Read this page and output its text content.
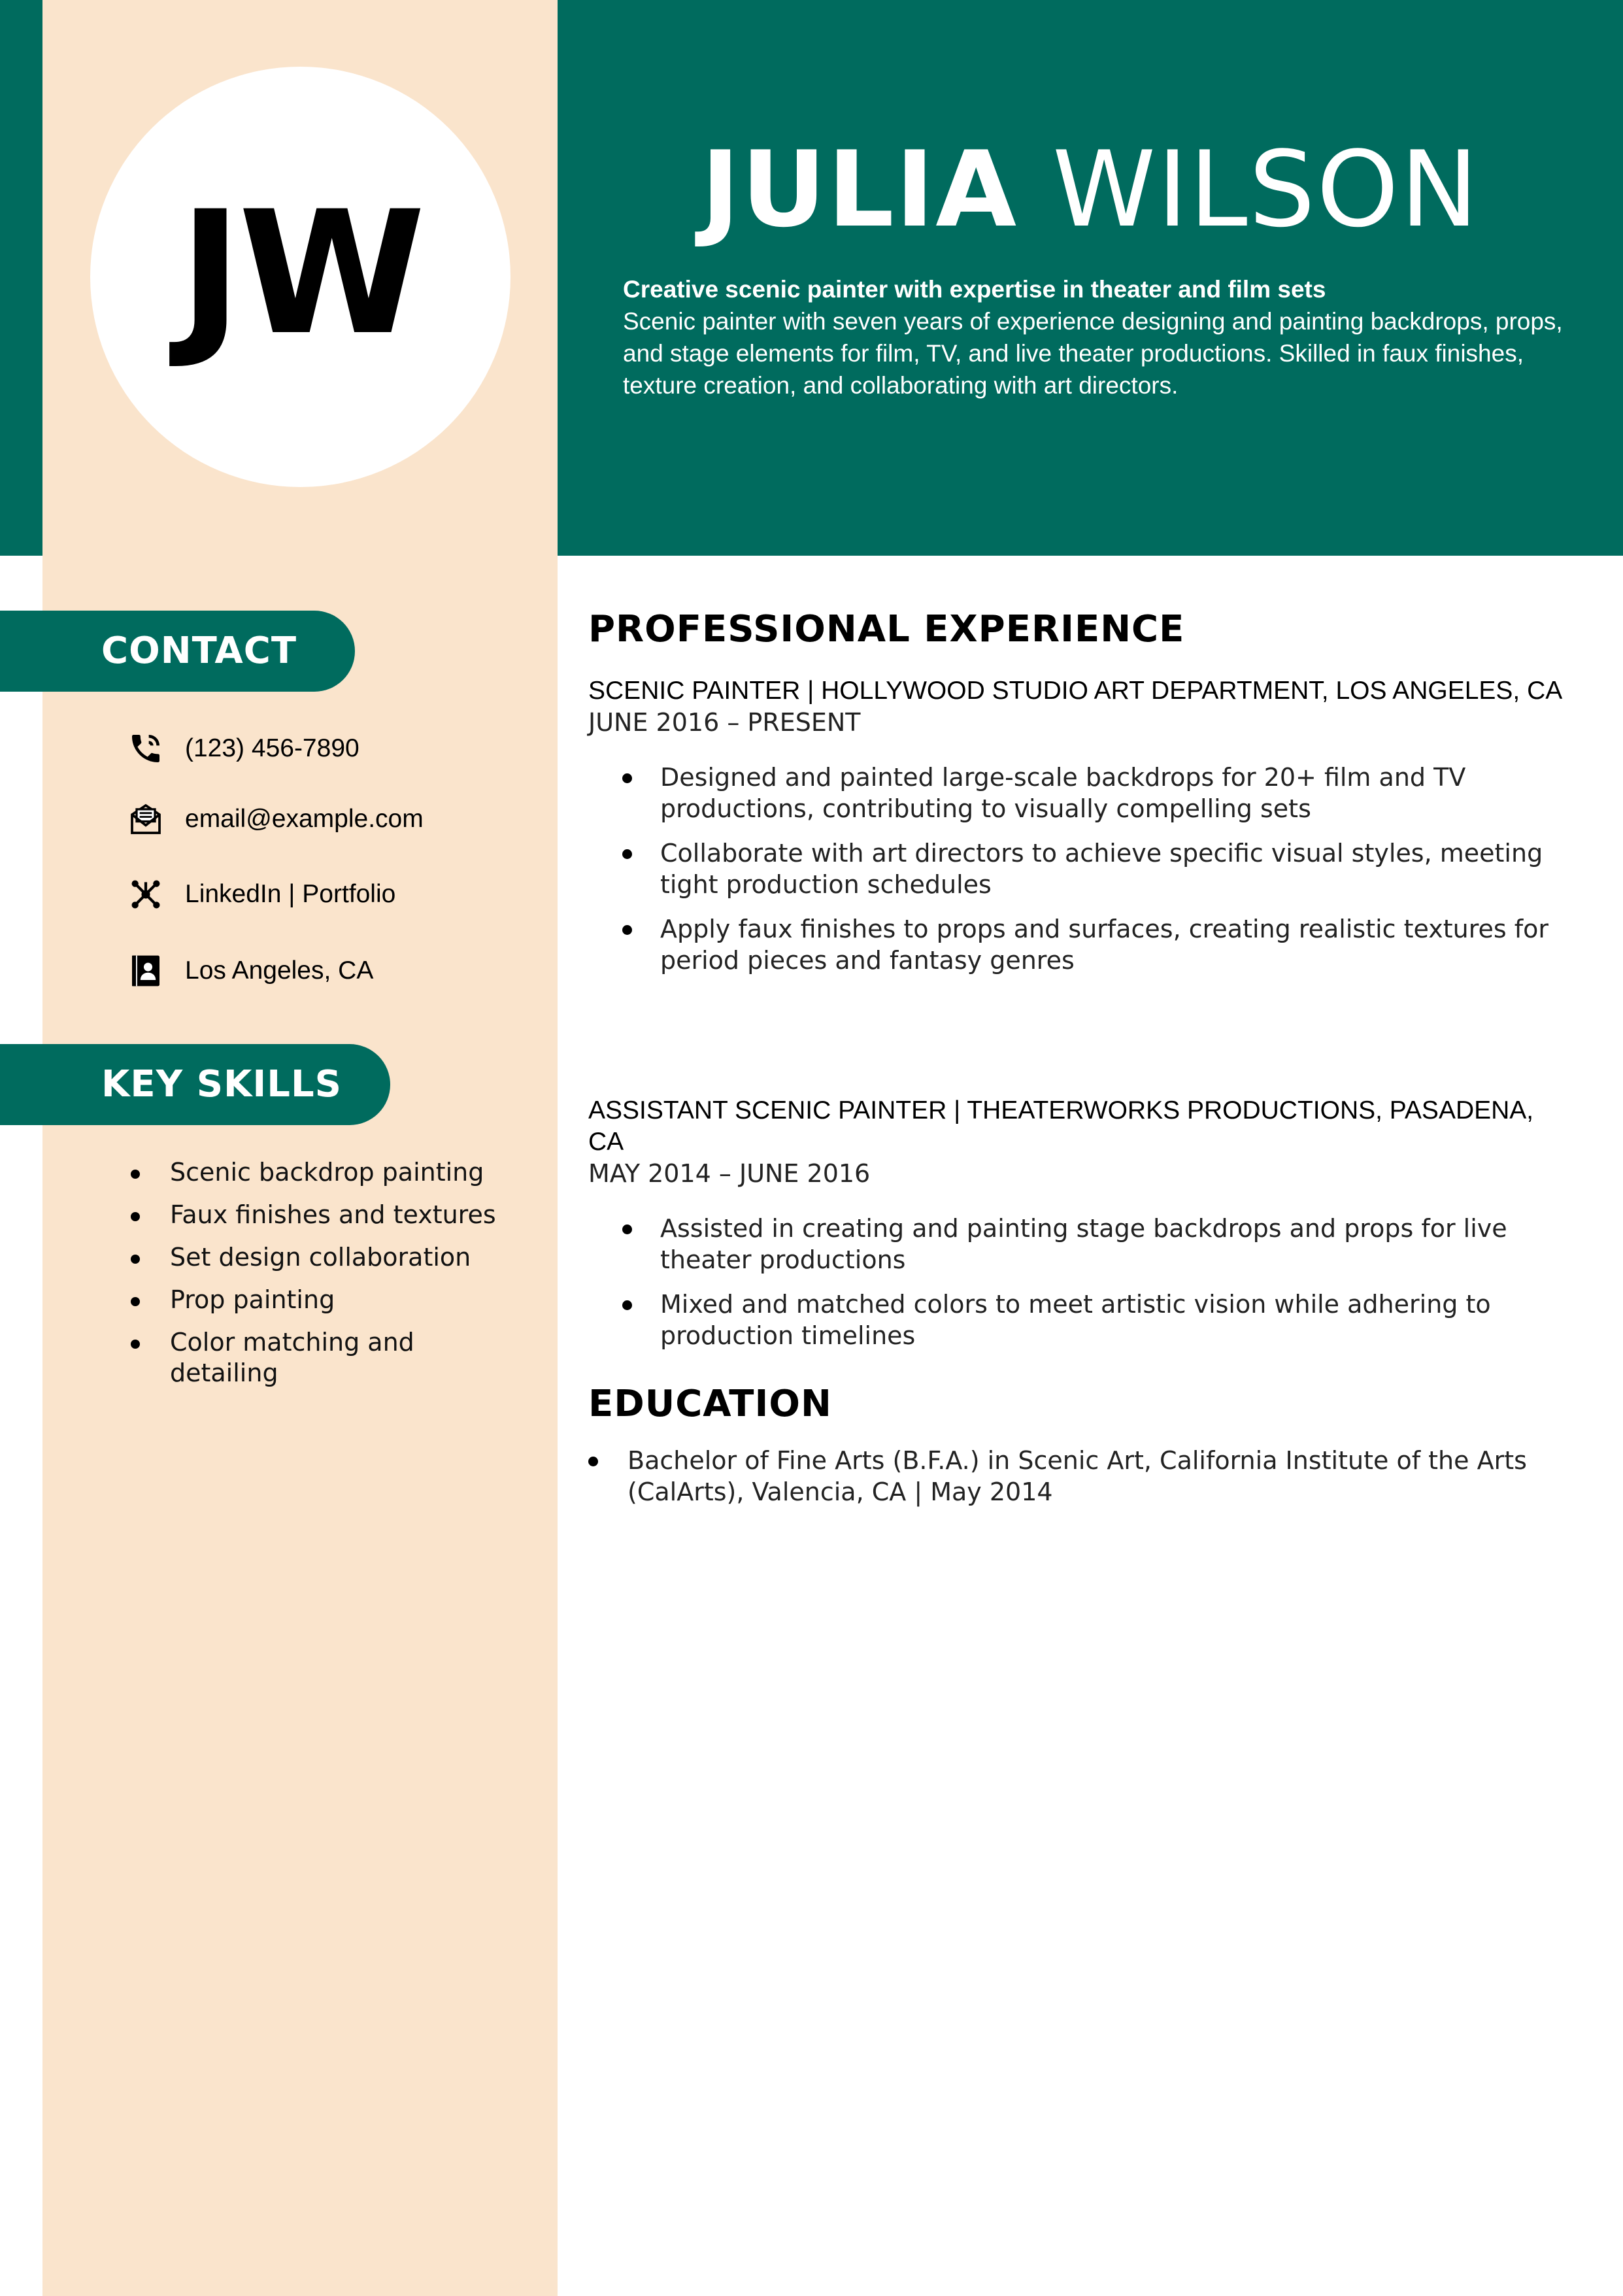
JW	JULIA WILSON
Creative scenic painter with expertise in theater and film sets
Scenic painter with seven years of experience designing and painting backdrops, props, and stage elements for film, TV, and live theater productions. Skilled in faux finishes, texture creation, and collaborating with art directors.
CONTACT
(123) 456-7890
email@example.com
LinkedIn | Portfolio
Los Angeles, CA
KEY SKILLS
Scenic backdrop painting
Faux finishes and textures
Set design collaboration
Prop painting
Color matching and detailing
PROFESSIONAL EXPERIENCE
SCENIC PAINTER | HOLLYWOOD STUDIO ART DEPARTMENT, LOS ANGELES, CA
JUNE 2016 – PRESENT
Designed and painted large-scale backdrops for 20+ film and TV productions, contributing to visually compelling sets
Collaborate with art directors to achieve specific visual styles, meeting tight production schedules
Apply faux finishes to props and surfaces, creating realistic textures for period pieces and fantasy genres
ASSISTANT SCENIC PAINTER | THEATERWORKS PRODUCTIONS, PASADENA, CA
MAY 2014 – JUNE 2016
Assisted in creating and painting stage backdrops and props for live theater productions
Mixed and matched colors to meet artistic vision while adhering to production timelines
EDUCATION
Bachelor of Fine Arts (B.F.A.) in Scenic Art, California Institute of the Arts (CalArts), Valencia, CA | May 2014
